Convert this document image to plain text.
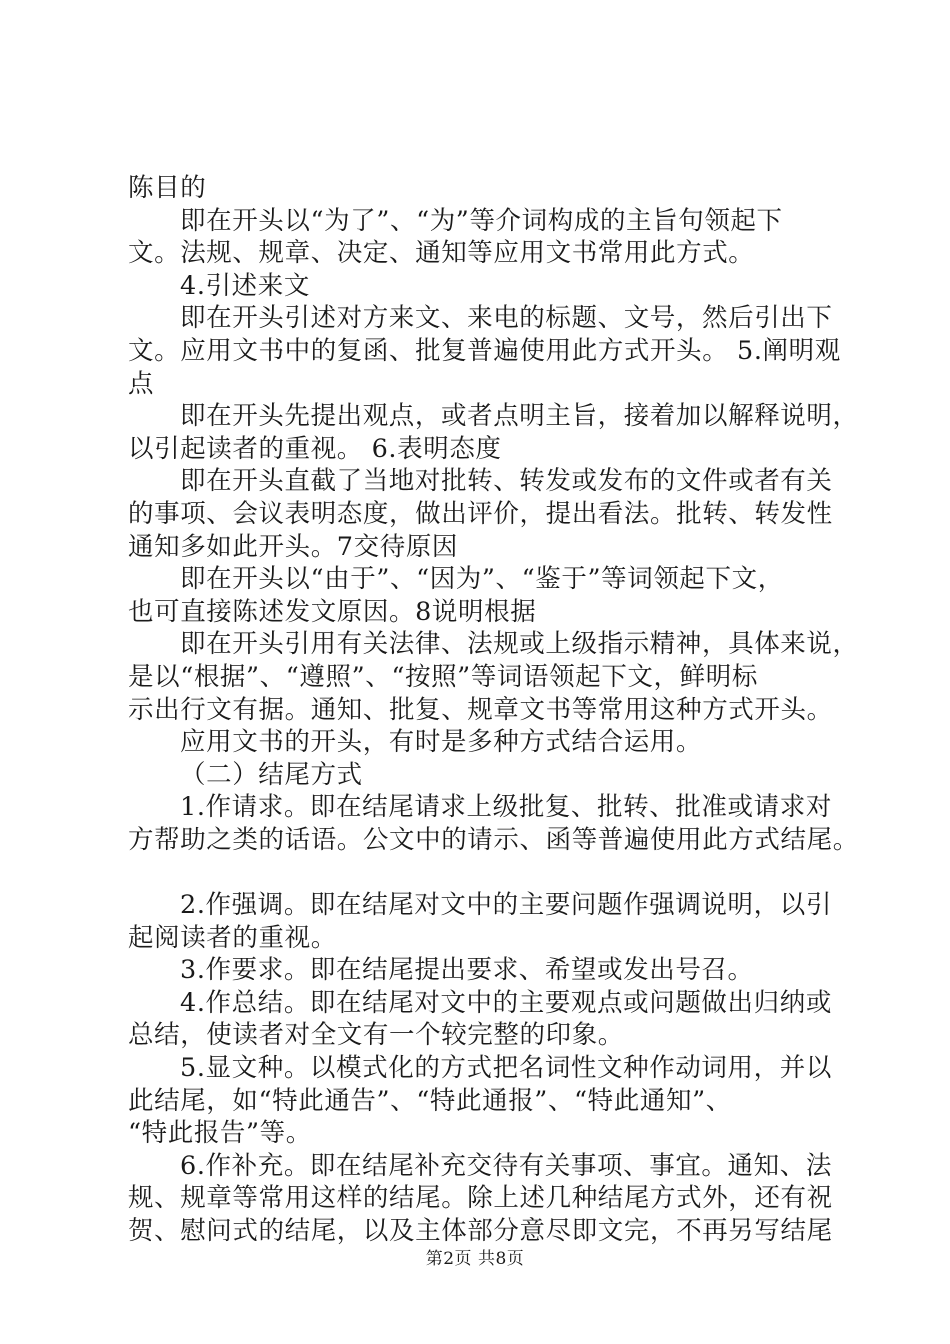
陈目的
即在开头以“为了”、“为”等介词构成的主旨句领起下
文。法规、规章、决定、通知等应用文书常用此方式。
4.引述来文
即在开头引述对方来文、来电的标题、文号，然后引出下
文。应用文书中的复函、批复普遍使用此方式开头。 5.阐明观
点
即在开头先提出观点，或者点明主旨，接着加以解释说明，
以引起读者的重视。 6.表明态度
即在开头直截了当地对批转、转发或发布的文件或者有关
的事项、会议表明态度，做出评价，提出看法。批转、转发性
通知多如此开头。7交待原因
即在开头以“由于”、“因为”、“鉴于”等词领起下文，
也可直接陈述发文原因。8说明根据
即在开头引用有关法律、法规或上级指示精神，具体来说，
是以“根据”、“遵照”、“按照”等词语领起下文，鲜明标
示出行文有据。通知、批复、规章文书等常用这种方式开头。
应用文书的开头，有时是多种方式结合运用。
（二）结尾方式
1.作请求。即在结尾请求上级批复、批转、批准或请求对
方帮助之类的话语。公文中的请示、函等普遍使用此方式结尾。
2.作强调。即在结尾对文中的主要问题作强调说明，以引
起阅读者的重视。
3.作要求。即在结尾提出要求、希望或发出号召。
4.作总结。即在结尾对文中的主要观点或问题做出归纳或
总结，使读者对全文有一个较完整的印象。
5.显文种。以模式化的方式把名词性文种作动词用，并以
此结尾，如“特此通告”、“特此通报”、“特此通知”、
“特此报告”等。
6.作补充。即在结尾补充交待有关事项、事宜。通知、法
规、规章等常用这样的结尾。除上述几种结尾方式外，还有祝
贺、慰问式的结尾，以及主体部分意尽即文完，不再另写结尾
第2页 共8页
